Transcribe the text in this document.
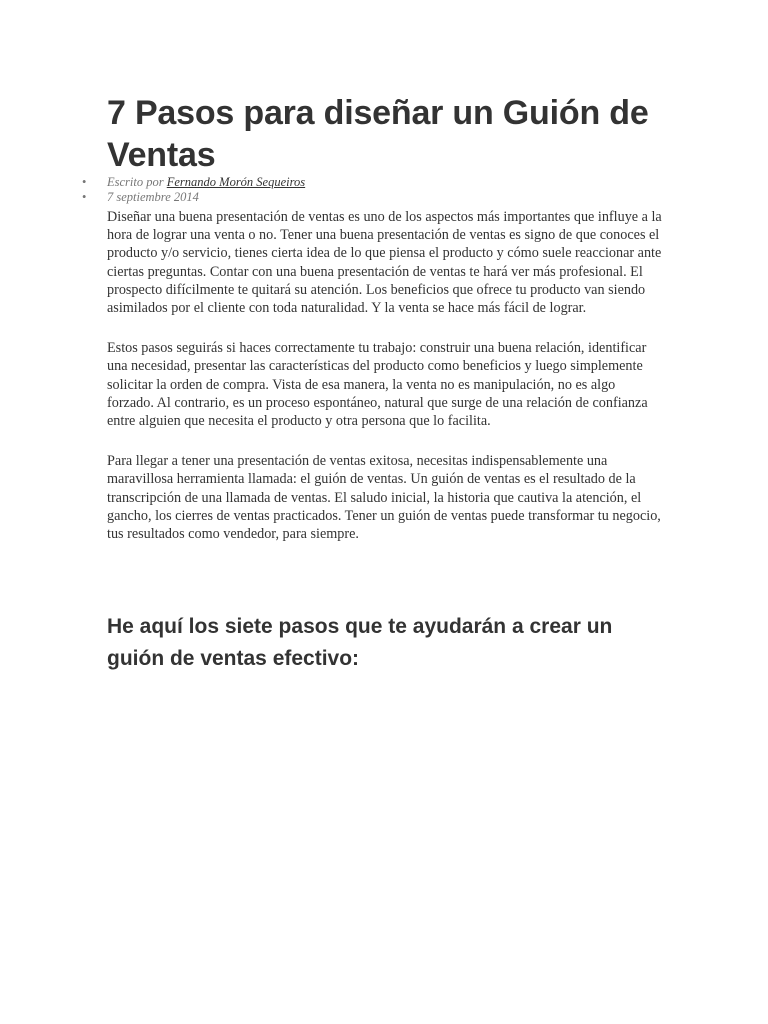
7 Pasos para diseñar un Guión de Ventas
• Escrito por Fernando Morón Sequeiros
• 7 septiembre 2014

Diseñar una buena presentación de ventas es uno de los aspectos más importantes que influye a la hora de lograr una venta o no. Tener una buena presentación de ventas es signo de que conoces el producto y/o servicio, tienes cierta idea de lo que piensa el producto y cómo suele reaccionar ante ciertas preguntas. Contar con una buena presentación de ventas te hará ver más profesional. El prospecto difícilmente te quitará su atención. Los beneficios que ofrece tu producto van siendo asimilados por el cliente con toda naturalidad. Y la venta se hace más fácil de lograr.

Estos pasos seguirás si haces correctamente tu trabajo: construir una buena relación, identificar una necesidad, presentar las características del producto como beneficios y luego simplemente solicitar la orden de compra. Vista de esa manera, la venta no es manipulación, no es algo forzado. Al contrario, es un proceso espontáneo, natural que surge de una relación de confianza entre alguien que necesita el producto y otra persona que lo facilita.

Para llegar a tener una presentación de ventas exitosa, necesitas indispensablemente una maravillosa herramienta llamada: el guión de ventas. Un guión de ventas es el resultado de la transcripción de una llamada de ventas. El saludo inicial, la historia que cautiva la atención, el gancho, los cierres de ventas practicados. Tener un guión de ventas puede transformar tu negocio, tus resultados como vendedor, para siempre.

He aquí los siete pasos que te ayudarán a crear un guión de ventas efectivo:
